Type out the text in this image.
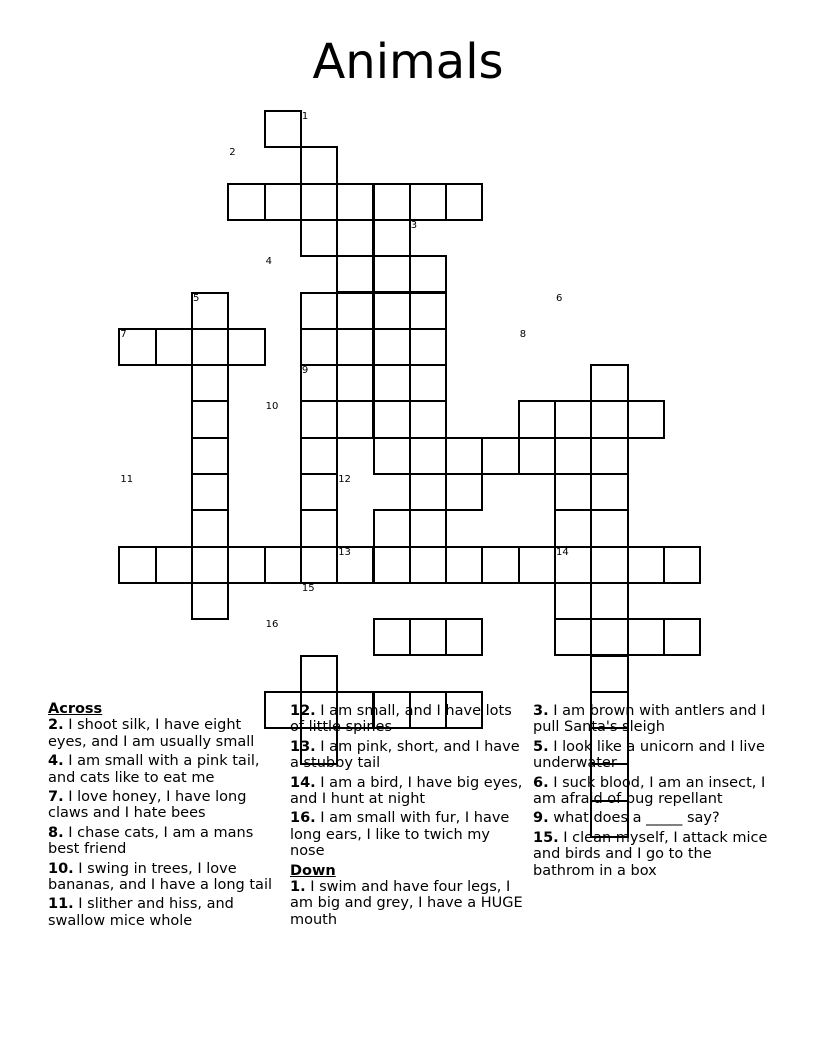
Animals
1
2
3
4
5	6
7	8
9
10
11	12
13	14
15
16
Across
2. I shoot silk, I have eight eyes, and I am usually small
4. I am small with a pink tail, and cats like to eat me
7. I love honey, I have long claws and I hate bees
8. I chase cats, I am a mans best friend
10. I swing in trees, I love bananas, and I have a long tail
11. I slither and hiss, and swallow mice whole
12. I am small, and I have lots of little spines
13. I am pink, short, and I have a stubby tail
14. I am a bird, I have big eyes, and I hunt at night
16. I am small with fur, I have long ears, I like to twich my nose
Down
1. I swim and have four legs, I am big and grey, I have a HUGE mouth
3. I am brown with antlers and I pull Santa's sleigh
5. I look like a unicorn and I live underwater
6. I suck blood, I am an insect, I am afraid of bug repellant
9. what does a _____ say?
15. I clean myself, I attack mice and birds and I go to the bathrom in a box
